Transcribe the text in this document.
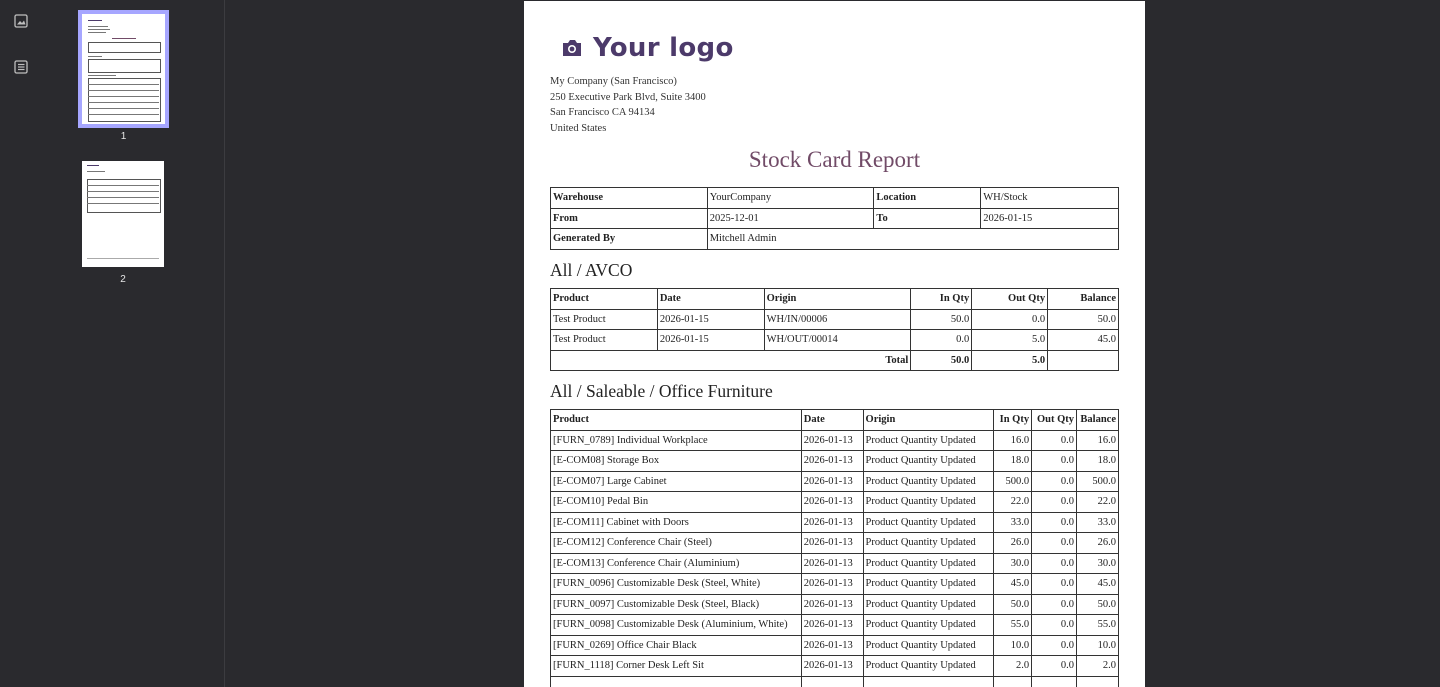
1
2
Your logo
My Company (San Francisco)
250 Executive Park Blvd, Suite 3400
San Francisco CA 94134
United States
Stock Card Report
Warehouse	YourCompany	Location	WH/Stock
From	2025-12-01	To	2026-01-15
Generated By	Mitchell Admin		
All / AVCO
Product	Date	Origin	In Qty	Out Qty	Balance
Test Product	2026-01-15	WH/IN/00006	50.0	0.0	50.0
Test Product	2026-01-15	WH/OUT/00014	0.0	5.0	45.0
Total			50.0	5.0	
All / Saleable / Office Furniture
Product	Date	Origin	In Qty	Out Qty	Balance
[FURN_0789] Individual Workplace	2026-01-13	Product Quantity Updated	16.0	0.0	16.0
[E-COM08] Storage Box	2026-01-13	Product Quantity Updated	18.0	0.0	18.0
[E-COM07] Large Cabinet	2026-01-13	Product Quantity Updated	500.0	0.0	500.0
[E-COM10] Pedal Bin	2026-01-13	Product Quantity Updated	22.0	0.0	22.0
[E-COM11] Cabinet with Doors	2026-01-13	Product Quantity Updated	33.0	0.0	33.0
[E-COM12] Conference Chair (Steel)	2026-01-13	Product Quantity Updated	26.0	0.0	26.0
[E-COM13] Conference Chair (Aluminium)	2026-01-13	Product Quantity Updated	30.0	0.0	30.0
[FURN_0096] Customizable Desk (Steel, White)	2026-01-13	Product Quantity Updated	45.0	0.0	45.0
[FURN_0097] Customizable Desk (Steel, Black)	2026-01-13	Product Quantity Updated	50.0	0.0	50.0
[FURN_0098] Customizable Desk (Aluminium, White)	2026-01-13	Product Quantity Updated	55.0	0.0	55.0
[FURN_0269] Office Chair Black	2026-01-13	Product Quantity Updated	10.0	0.0	10.0
[FURN_1118] Corner Desk Left Sit	2026-01-13	Product Quantity Updated	2.0	0.0	2.0
